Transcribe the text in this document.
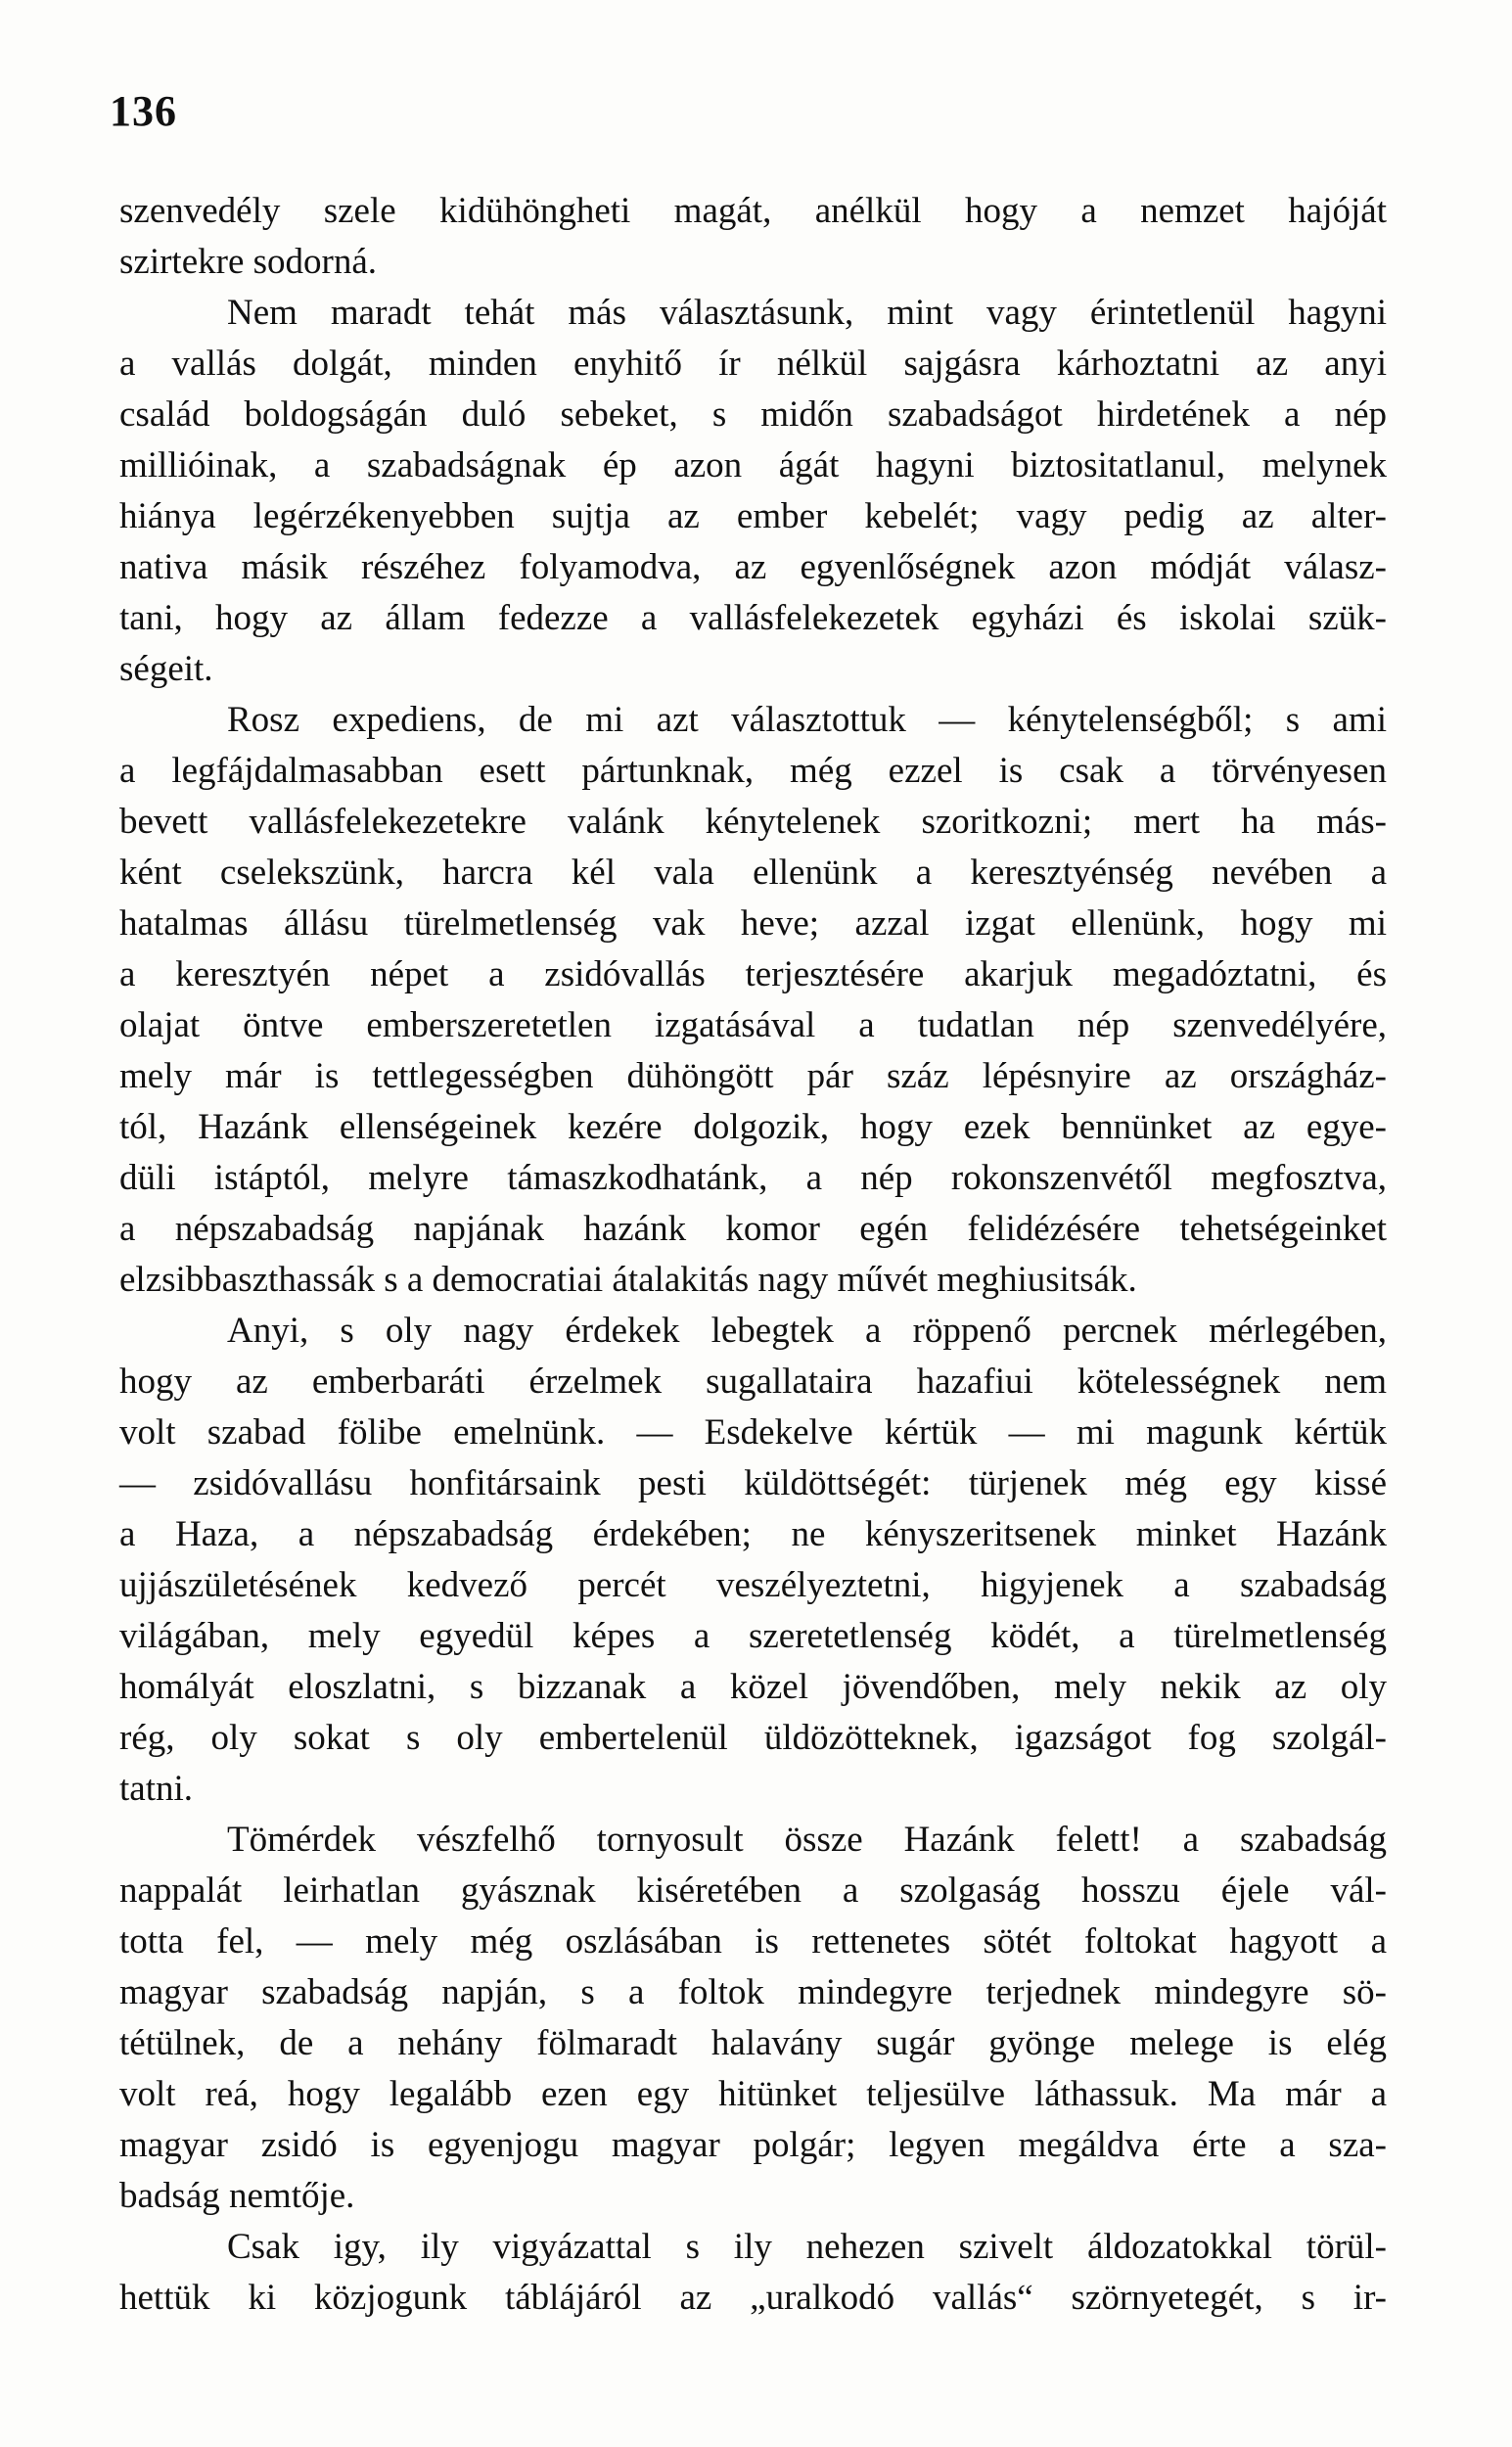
136
szenvedély szele kidühöngheti magát, anélkül hogy a nemzet hajóját
szirtekre sodorná.
Nem maradt tehát más választásunk, mint vagy érintetlenül hagyni
a vallás dolgát, minden enyhitő ír nélkül sajgásra kárhoztatni az anyi
család boldogságán duló sebeket, s midőn szabadságot hirdetének a nép
millióinak, a szabadságnak ép azon ágát hagyni biztositatlanul, melynek
hiánya legérzékenyebben sujtja az ember kebelét; vagy pedig az alter-
nativa másik részéhez folyamodva, az egyenlőségnek azon módját válasz-
tani, hogy az állam fedezze a vallásfelekezetek egyházi és iskolai szük-
ségeit.
Rosz expediens, de mi azt választottuk — kénytelenségből; s ami
a legfájdalmasabban esett pártunknak, még ezzel is csak a törvényesen
bevett vallásfelekezetekre valánk kénytelenek szoritkozni; mert ha más-
ként cselekszünk, harcra kél vala ellenünk a keresztyénség nevében a
hatalmas állásu türelmetlenség vak heve; azzal izgat ellenünk, hogy mi
a keresztyén népet a zsidóvallás terjesztésére akarjuk megadóztatni, és
olajat öntve emberszeretetlen izgatásával a tudatlan nép szenvedélyére,
mely már is tettlegességben dühöngött pár száz lépésnyire az országház-
tól, Hazánk ellenségeinek kezére dolgozik, hogy ezek bennünket az egye-
düli istáptól, melyre támaszkodhatánk, a nép rokonszenvétől megfosztva,
a népszabadság napjának hazánk komor egén felidézésére tehetségeinket
elzsibbaszthassák s a democratiai átalakitás nagy művét meghiusitsák.
Anyi, s oly nagy érdekek lebegtek a röppenő percnek mérlegében,
hogy az emberbaráti érzelmek sugallataira hazafiui kötelességnek nem
volt szabad fölibe emelnünk. — Esdekelve kértük — mi magunk kértük
— zsidóvallásu honfitársaink pesti küldöttségét: türjenek még egy kissé
a Haza, a népszabadság érdekében; ne kényszeritsenek minket Hazánk
ujjászületésének kedvező percét veszélyeztetni, higyjenek a szabadság
világában, mely egyedül képes a szeretetlenség ködét, a türelmetlenség
homályát eloszlatni, s bizzanak a közel jövendőben, mely nekik az oly
rég, oly sokat s oly embertelenül üldözötteknek, igazságot fog szolgál-
tatni.
Tömérdek vészfelhő tornyosult össze Hazánk felett! a szabadság
nappalát leirhatlan gyásznak kiséretében a szolgaság hosszu éjele vál-
totta fel, — mely még oszlásában is rettenetes sötét foltokat hagyott a
magyar szabadság napján, s a foltok mindegyre terjednek mindegyre sö-
tétülnek, de a nehány fölmaradt halavány sugár gyönge melege is elég
volt reá, hogy legalább ezen egy hitünket teljesülve láthassuk. Ma már a
magyar zsidó is egyenjogu magyar polgár; legyen megáldva érte a sza-
badság nemtője.
Csak igy, ily vigyázattal s ily nehezen szivelt áldozatokkal törül-
hettük ki közjogunk táblájáról az „uralkodó vallás“ szörnyetegét, s ir-
